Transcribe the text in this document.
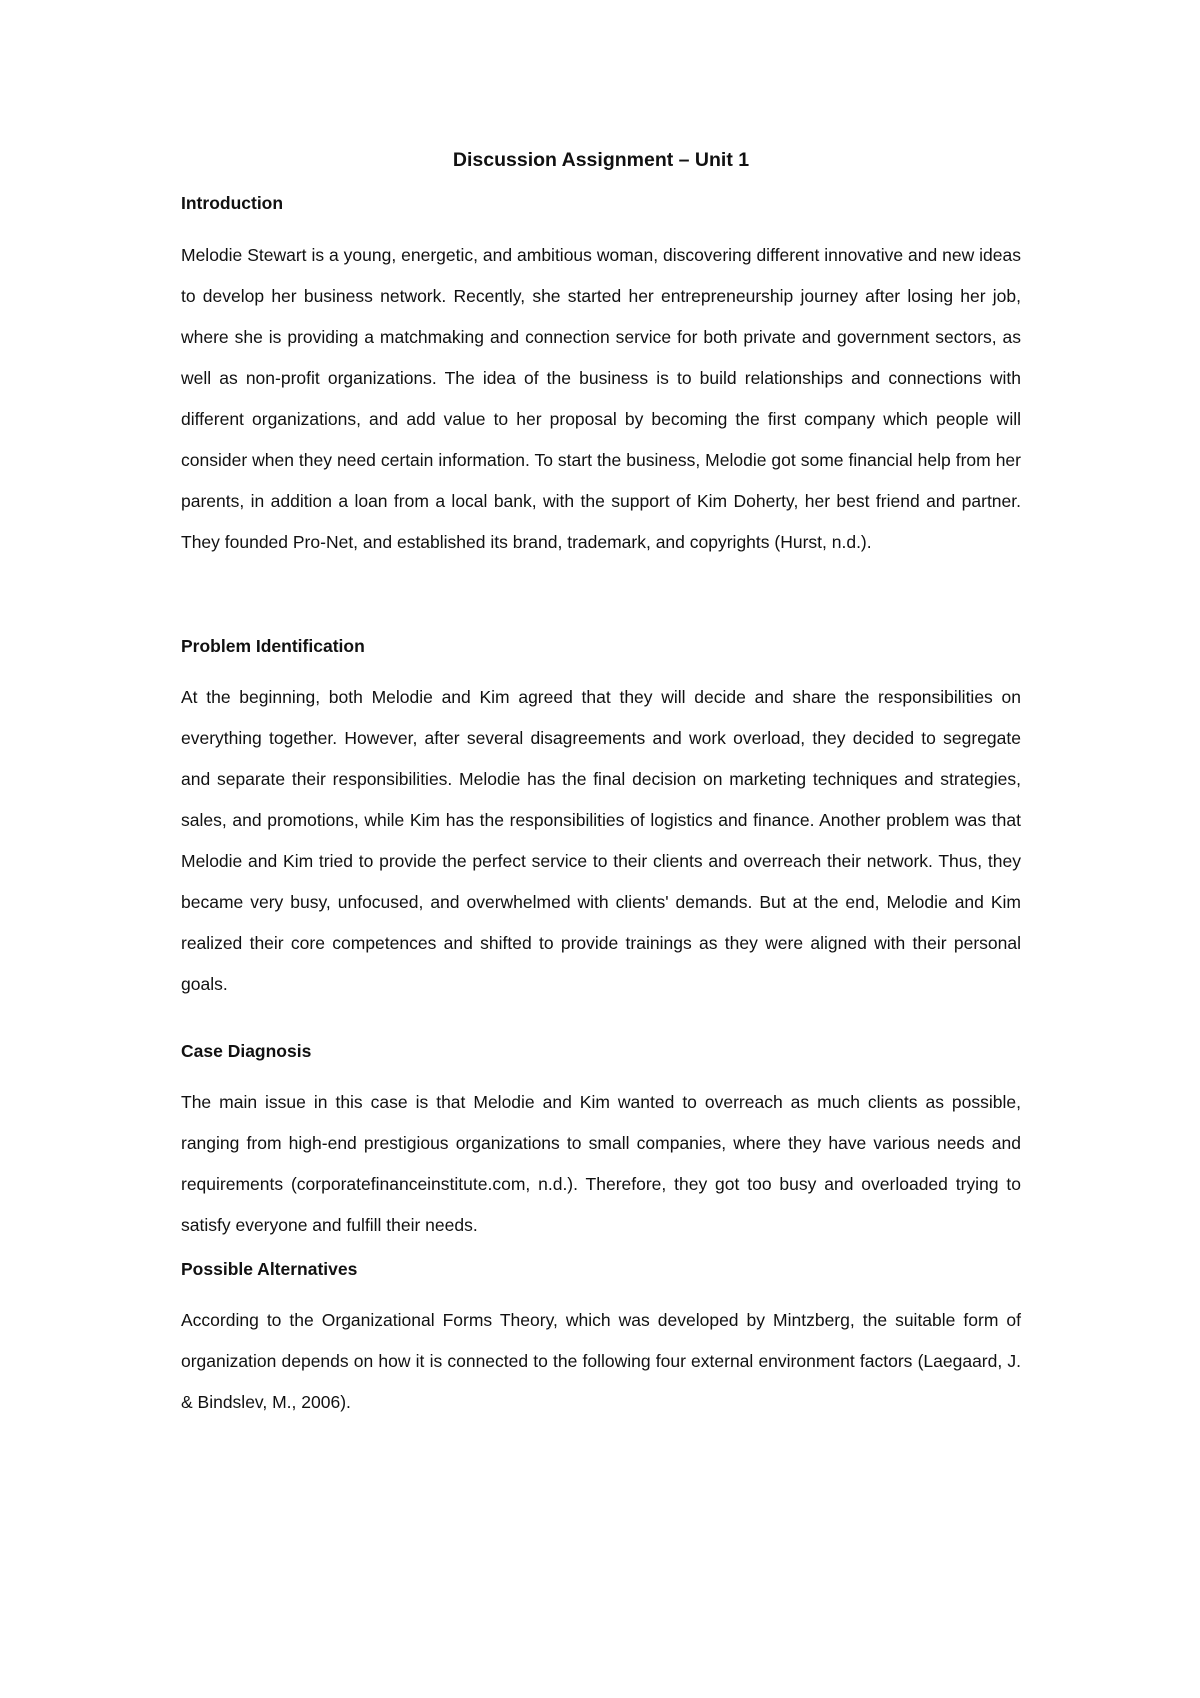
Discussion Assignment – Unit 1
Introduction

Melodie Stewart is a young, energetic, and ambitious woman, discovering different innovative and new ideas to develop her business network. Recently, she started her entrepreneurship journey after losing her job, where she is providing a matchmaking and connection service for both private and government sectors, as well as non-profit organizations. The idea of the business is to build relationships and connections with different organizations, and add value to her proposal by becoming the first company which people will consider when they need certain information. To start the business, Melodie got some financial help from her parents, in addition a loan from a local bank, with the support of Kim Doherty, her best friend and partner. They founded Pro-Net, and established its brand, trademark, and copyrights (Hurst, n.d.).

Problem Identification

At the beginning, both Melodie and Kim agreed that they will decide and share the responsibilities on everything together. However, after several disagreements and work overload, they decided to segregate and separate their responsibilities. Melodie has the final decision on marketing techniques and strategies, sales, and promotions, while Kim has the responsibilities of logistics and finance. Another problem was that Melodie and Kim tried to provide the perfect service to their clients and overreach their network. Thus, they became very busy, unfocused, and overwhelmed with clients' demands. But at the end, Melodie and Kim realized their core competences and shifted to provide trainings as they were aligned with their personal goals.

Case Diagnosis

The main issue in this case is that Melodie and Kim wanted to overreach as much clients as possible, ranging from high-end prestigious organizations to small companies, where they have various needs and requirements (corporatefinanceinstitute.com, n.d.). Therefore, they got too busy and overloaded trying to satisfy everyone and fulfill their needs.

Possible Alternatives

According to the Organizational Forms Theory, which was developed by Mintzberg, the suitable form of organization depends on how it is connected to the following four external environment factors (Laegaard, J. & Bindslev, M., 2006).
